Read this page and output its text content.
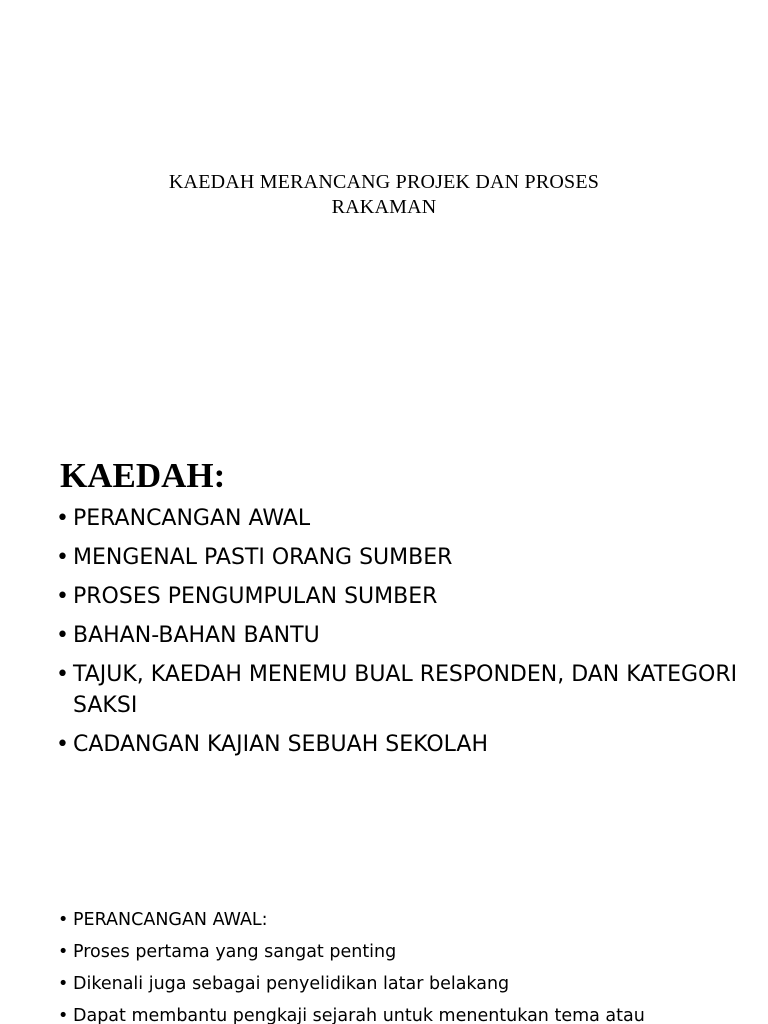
KAEDAH MERANCANG PROJEK DAN PROSES
RAKAMAN
KAEDAH:
• PERANCANGAN AWAL
• MENGENAL PASTI ORANG SUMBER
• PROSES PENGUMPULAN SUMBER
• BAHAN-BAHAN BANTU
• TAJUK, KAEDAH MENEMU BUAL RESPONDEN, DAN KATEGORI SAKSI
• CADANGAN KAJIAN SEBUAH SEKOLAH
• PERANCANGAN AWAL:
• Proses pertama yang sangat penting
• Dikenali juga sebagai penyelidikan latar belakang
• Dapat membantu pengkaji sejarah untuk menentukan tema atau
